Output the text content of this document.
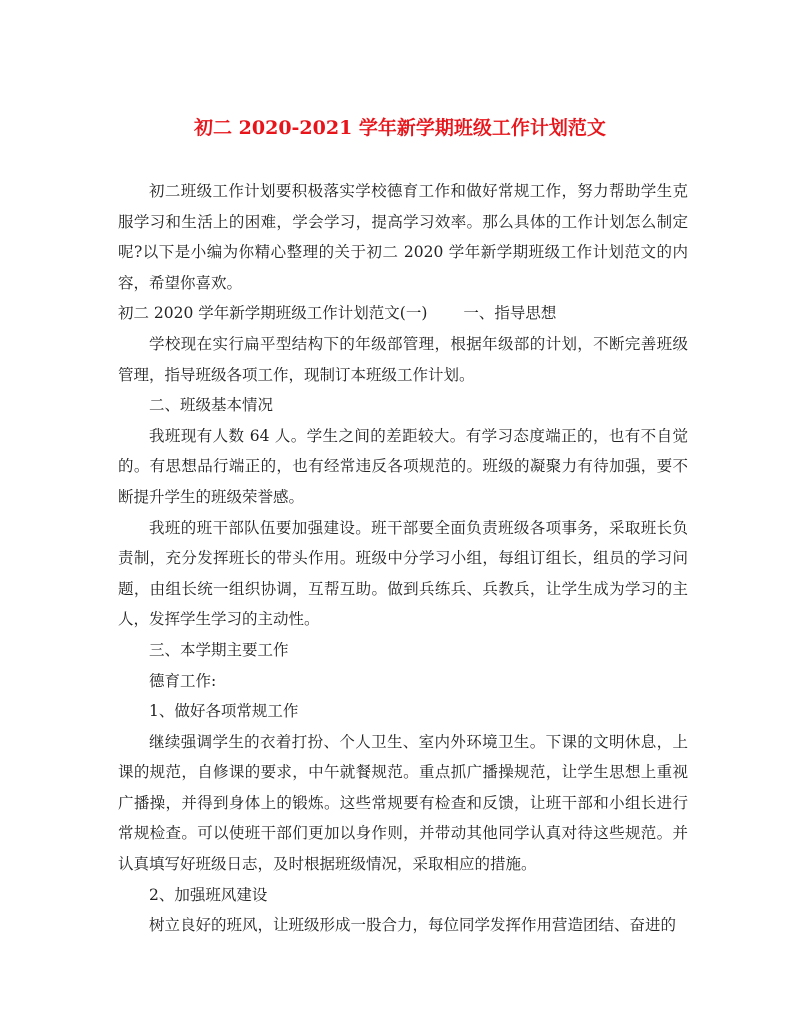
初二 2020-2021 学年新学期班级工作计划范文

初二班级工作计划要积极落实学校德育工作和做好常规工作，努力帮助学生克服学习和生活上的困难，学会学习，提高学习效率。那么具体的工作计划怎么制定呢?以下是小编为你精心整理的关于初二 2020 学年新学期班级工作计划范文的内容，希望你喜欢。

初二 2020 学年新学期班级工作计划范文(一) 一、指导思想

学校现在实行扁平型结构下的年级部管理，根据年级部的计划，不断完善班级管理，指导班级各项工作，现制订本班级工作计划。

二、班级基本情况

我班现有人数 64 人。学生之间的差距较大。有学习态度端正的，也有不自觉的。有思想品行端正的，也有经常违反各项规范的。班级的凝聚力有待加强，要不断提升学生的班级荣誉感。

我班的班干部队伍要加强建设。班干部要全面负责班级各项事务，采取班长负责制，充分发挥班长的带头作用。班级中分学习小组，每组订组长，组员的学习问题，由组长统一组织协调，互帮互助。做到兵练兵、兵教兵，让学生成为学习的主人，发挥学生学习的主动性。

三、本学期主要工作

德育工作:

1、做好各项常规工作

继续强调学生的衣着打扮、个人卫生、室内外环境卫生。下课的文明休息，上课的规范，自修课的要求，中午就餐规范。重点抓广播操规范，让学生思想上重视广播操，并得到身体上的锻炼。这些常规要有检查和反馈，让班干部和小组长进行常规检查。可以使班干部们更加以身作则，并带动其他同学认真对待这些规范。并认真填写好班级日志，及时根据班级情况，采取相应的措施。

2、加强班风建设

树立良好的班风，让班级形成一股合力，每位同学发挥作用营造团结、奋进的
